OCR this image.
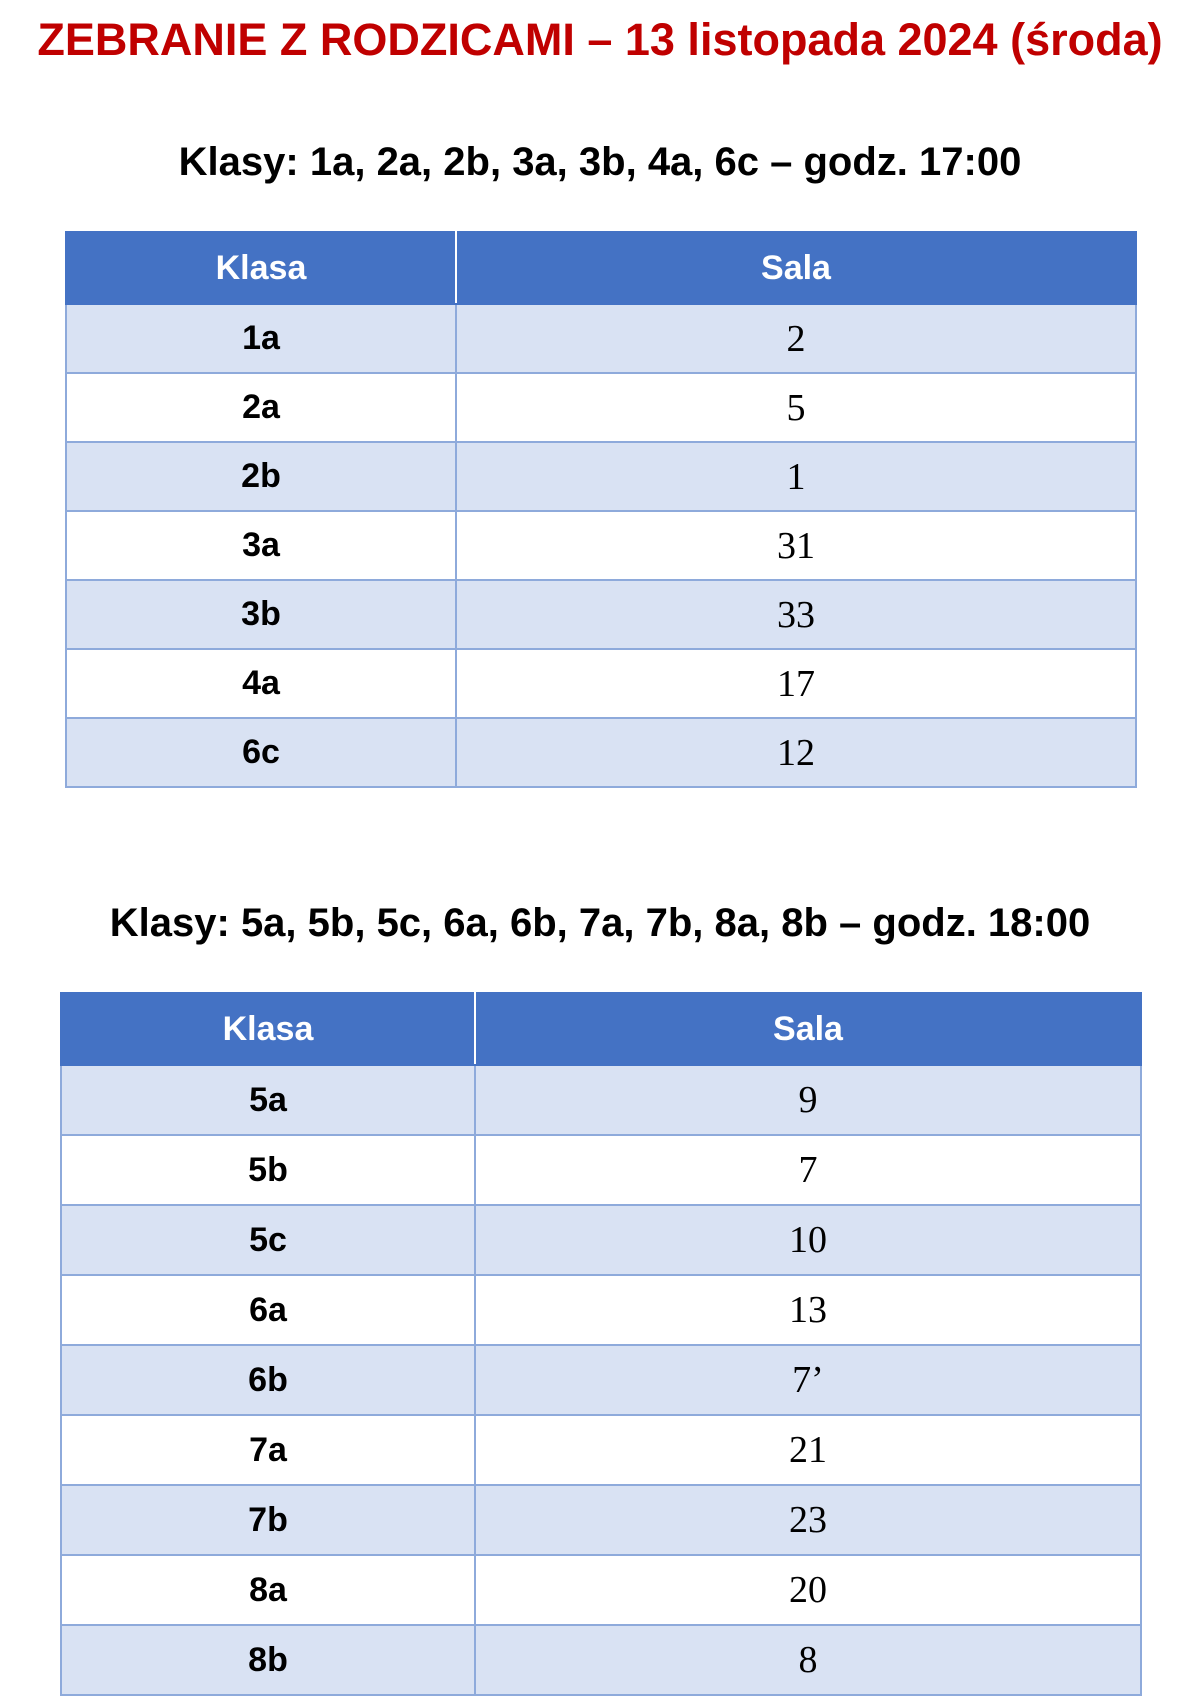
ZEBRANIE Z RODZICAMI – 13 listopada 2024 (środa)
Klasy: 1a, 2a, 2b, 3a, 3b, 4a, 6c – godz. 17:00
Klasa	Sala
1a	2
2a	5
2b	1
3a	31
3b	33
4a	17
6c	12
Klasy: 5a, 5b, 5c, 6a, 6b, 7a, 7b, 8a, 8b – godz. 18:00
Klasa	Sala
5a	9
5b	7
5c	10
6a	13
6b	7’
7a	21
7b	23
8a	20
8b	8
